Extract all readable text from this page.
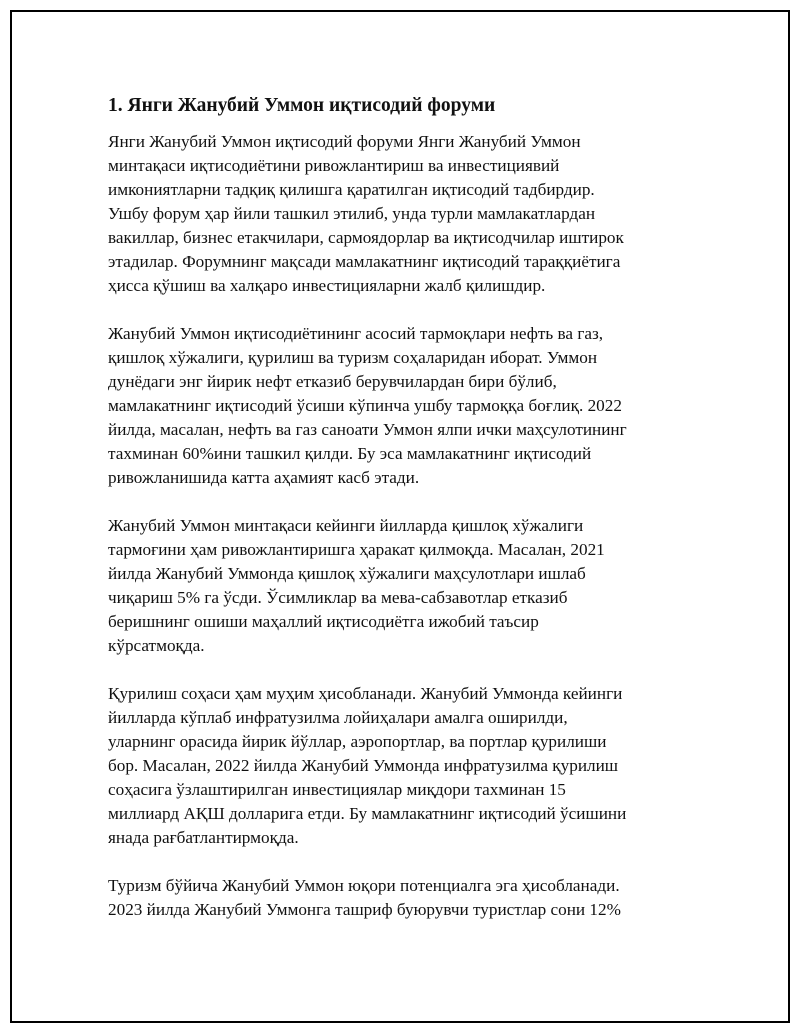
1. Янги Жанубий Уммон иқтисодий форуми
Янги Жанубий Уммон иқтисодий форуми Янги Жанубий Уммон
минтақаси иқтисодиётини ривожлантириш ва инвестициявий
имкониятларни тадқиқ қилишга қаратилган иқтисодий тадбирдир.
Ушбу форум ҳар йили ташкил этилиб, унда турли мамлакатлардан
вакиллар, бизнес етакчилари, сармоядорлар ва иқтисодчилар иштирок
этадилар. Форумнинг мақсади мамлакатнинг иқтисодий тараққиётига
ҳисса қўшиш ва халқаро инвестицияларни жалб қилишдир.
Жанубий Уммон иқтисодиётининг асосий тармоқлари нефть ва газ,
қишлоқ хўжалиги, қурилиш ва туризм соҳаларидан иборат. Уммон
дунёдаги энг йирик нефт етказиб берувчилардан бири бўлиб,
мамлакатнинг иқтисодий ўсиши кўпинча ушбу тармоққа боғлиқ. 2022
йилда, масалан, нефть ва газ саноати Уммон ялпи ички маҳсулотининг
тахминан 60%ини ташкил қилди. Бу эса мамлакатнинг иқтисодий
ривожланишида катта аҳамият касб этади.
Жанубий Уммон минтақаси кейинги йилларда қишлоқ хўжалиги
тармоғини ҳам ривожлантиришга ҳаракат қилмоқда. Масалан, 2021
йилда Жанубий Уммонда қишлоқ хўжалиги маҳсулотлари ишлаб
чиқариш 5% га ўсди. Ўсимликлар ва мева-сабзавотлар етказиб
беришнинг ошиши маҳаллий иқтисодиётга ижобий таъсир
кўрсатмоқда.
Қурилиш соҳаси ҳам муҳим ҳисобланади. Жанубий Уммонда кейинги
йилларда кўплаб инфратузилма лойиҳалари амалга оширилди,
уларнинг орасида йирик йўллар, аэропортлар, ва портлар қурилиши
бор. Масалан, 2022 йилда Жанубий Уммонда инфратузилма қурилиш
соҳасига ўзлаштирилган инвестициялар миқдори тахминан 15
миллиард АҚШ долларига етди. Бу мамлакатнинг иқтисодий ўсишини
янада рағбатлантирмоқда.
Туризм бўйича Жанубий Уммон юқори потенциалга эга ҳисобланади.
2023 йилда Жанубий Уммонга ташриф буюрувчи туристлар сони 12%
